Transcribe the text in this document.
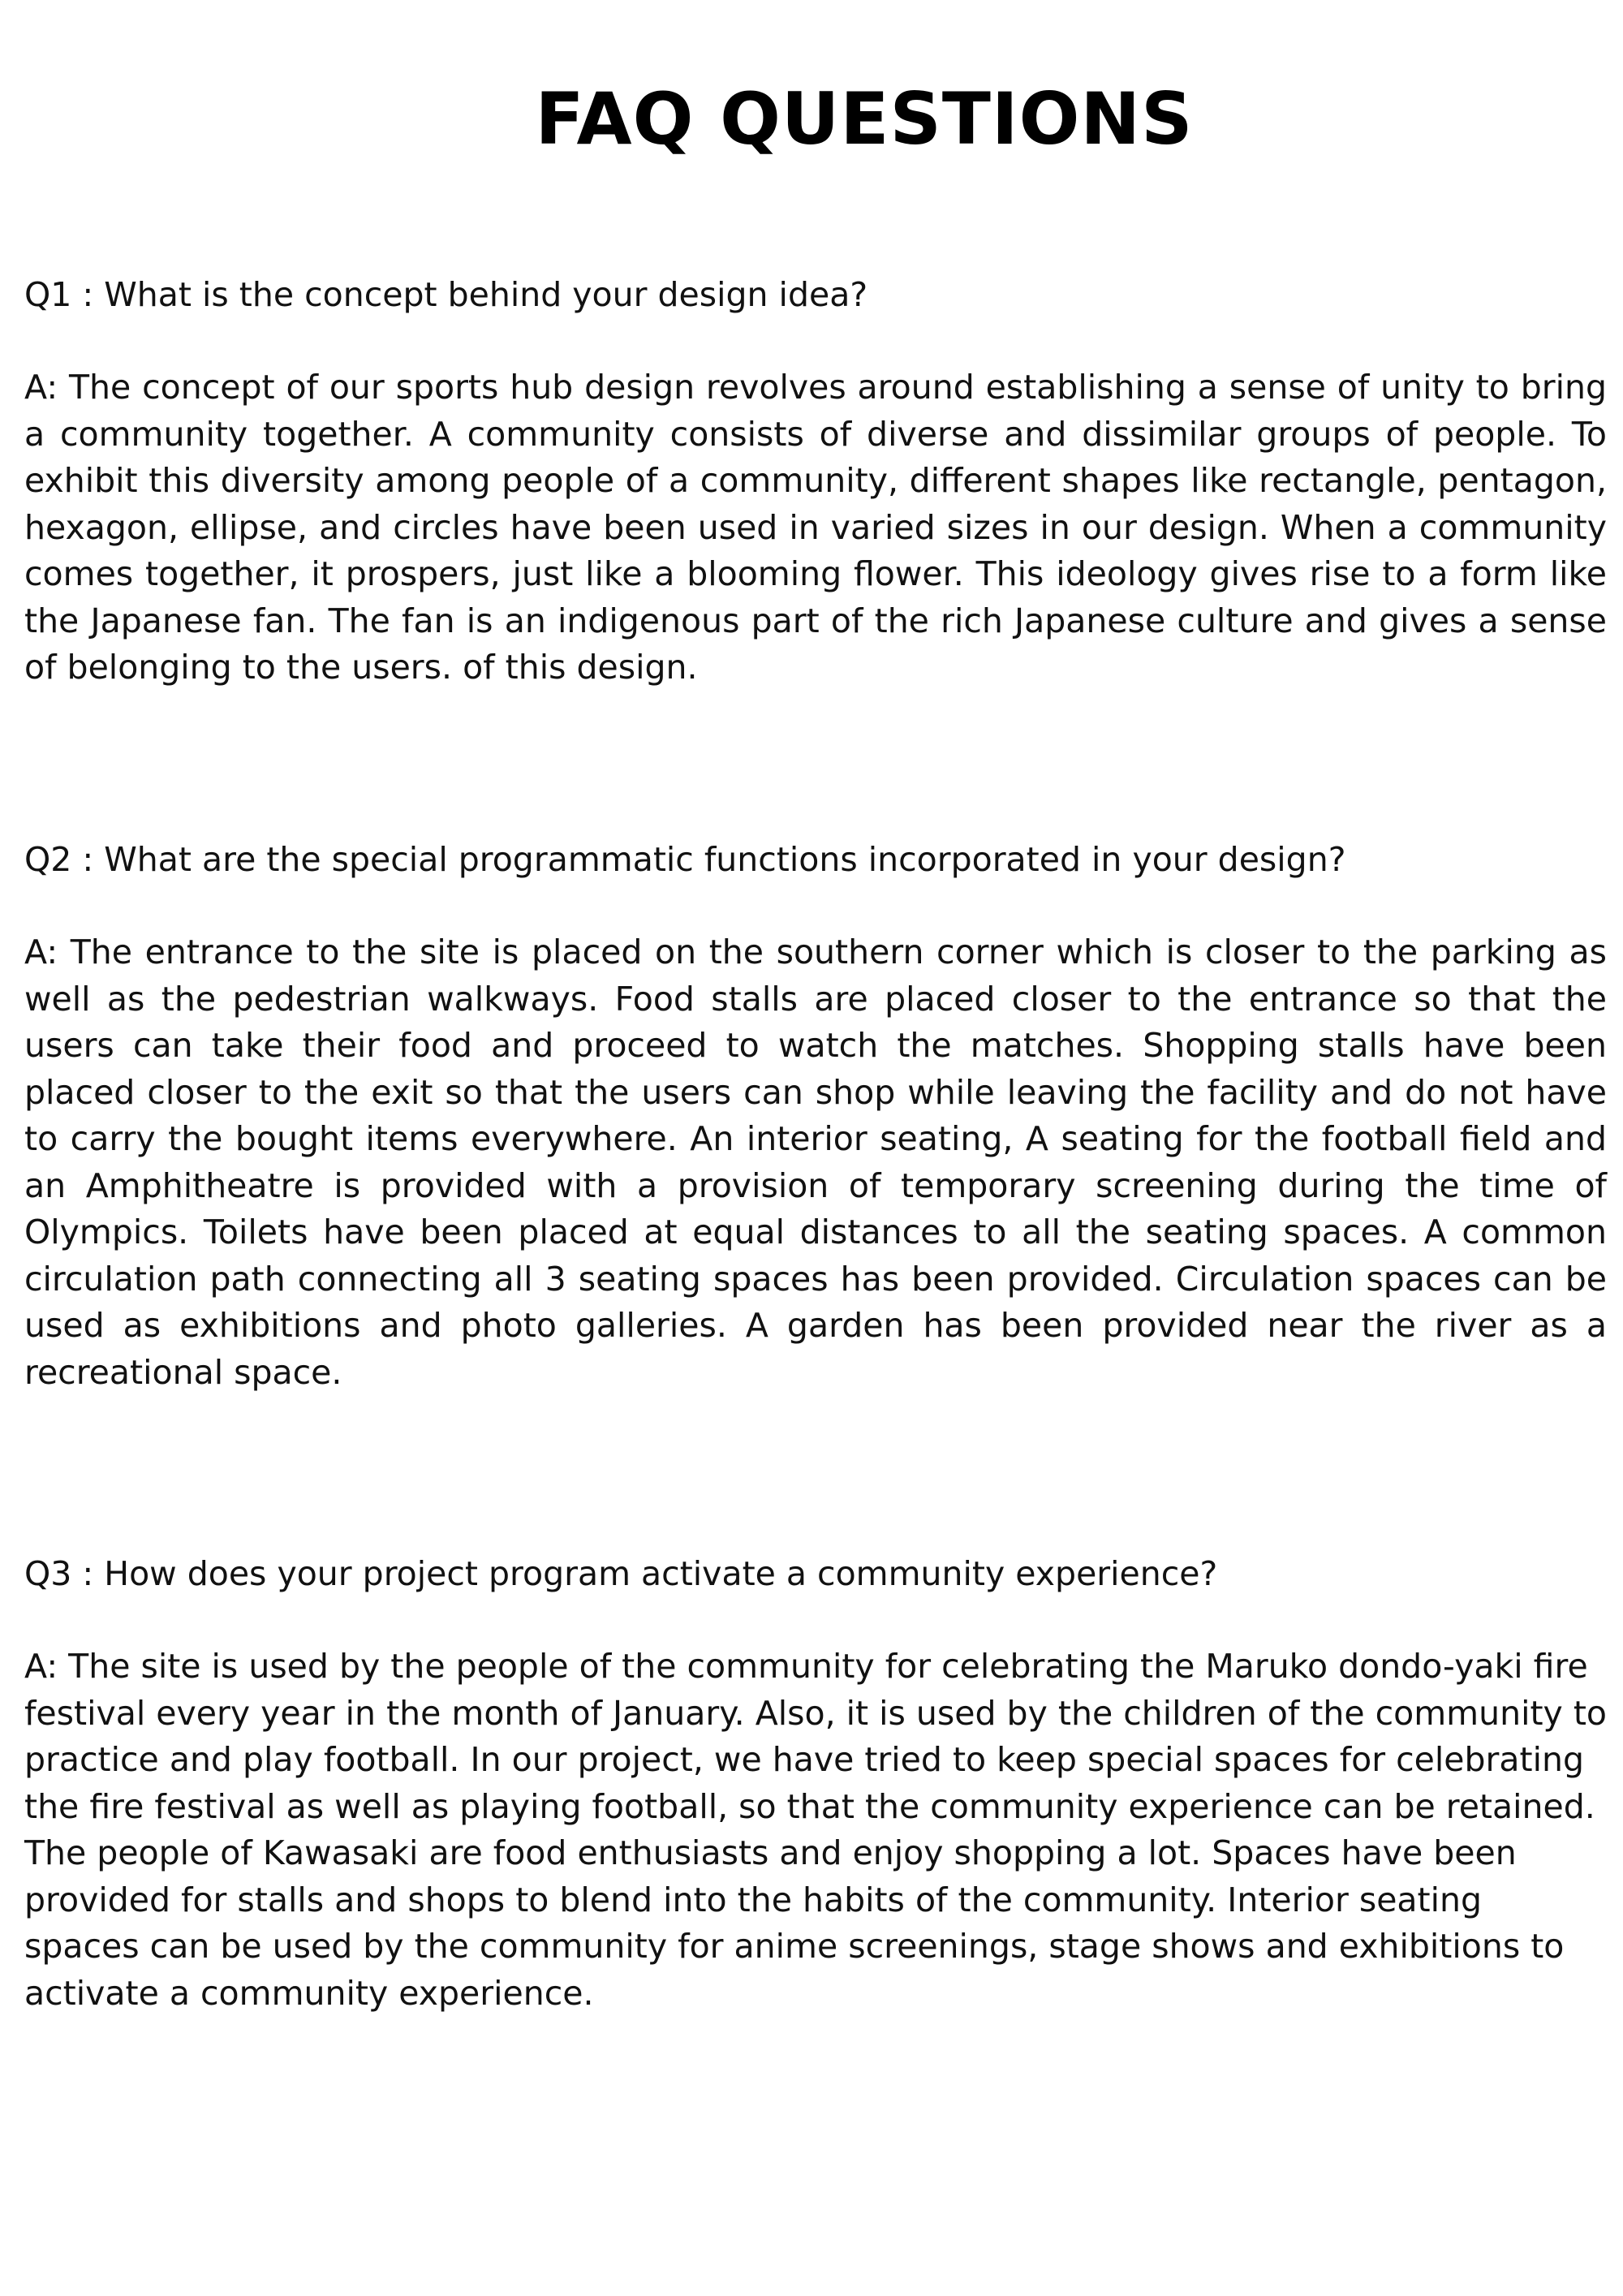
FAQ QUESTIONS

Q1 : What is the concept behind your design idea?

A: The concept of our sports hub design revolves around establishing a sense of unity to bring a community together. A community consists of diverse and dissimilar groups of people. To exhibit this diversity among people of a community, different shapes like rectangle, pentagon, hexagon, ellipse, and circles have been used in varied sizes in our design. When a community comes together, it prospers, just like a blooming flower. This ideology gives rise to a form like the Japanese fan. The fan is an indigenous part of the rich Japanese culture and gives a sense of belonging to the users. of this design.

Q2 : What are the special programmatic functions incorporated in your design?

A: The entrance to the site is placed on the southern corner which is closer to the parking as well as the pedestrian walkways. Food stalls are placed closer to the entrance so that the users can take their food and proceed to watch the matches. Shopping stalls have been placed closer to the exit so that the users can shop while leaving the facility and do not have to carry the bought items everywhere. An interior seating, A seating for the football field and an Amphitheatre is provided with a provision of temporary screening during the time of Olympics. Toilets have been placed at equal distances to all the seating spaces. A common circulation path connecting all 3 seating spaces has been provided. Circulation spaces can be used as exhibitions and photo galleries. A garden has been provided near the river as a recreational space.

Q3 : How does your project program activate a community experience?

A: The site is used by the people of the community for celebrating the Maruko dondo-yaki fire festival every year in the month of January. Also, it is used by the children of the community to practice and play football. In our project, we have tried to keep special spaces for celebrating the fire festival as well as playing football, so that the community experience can be retained. The people of Kawasaki are food enthusiasts and enjoy shopping a lot. Spaces have been provided for stalls and shops to blend into the habits of the community. Interior seating spaces can be used by the community for anime screenings, stage shows and exhibitions to activate a community experience.
